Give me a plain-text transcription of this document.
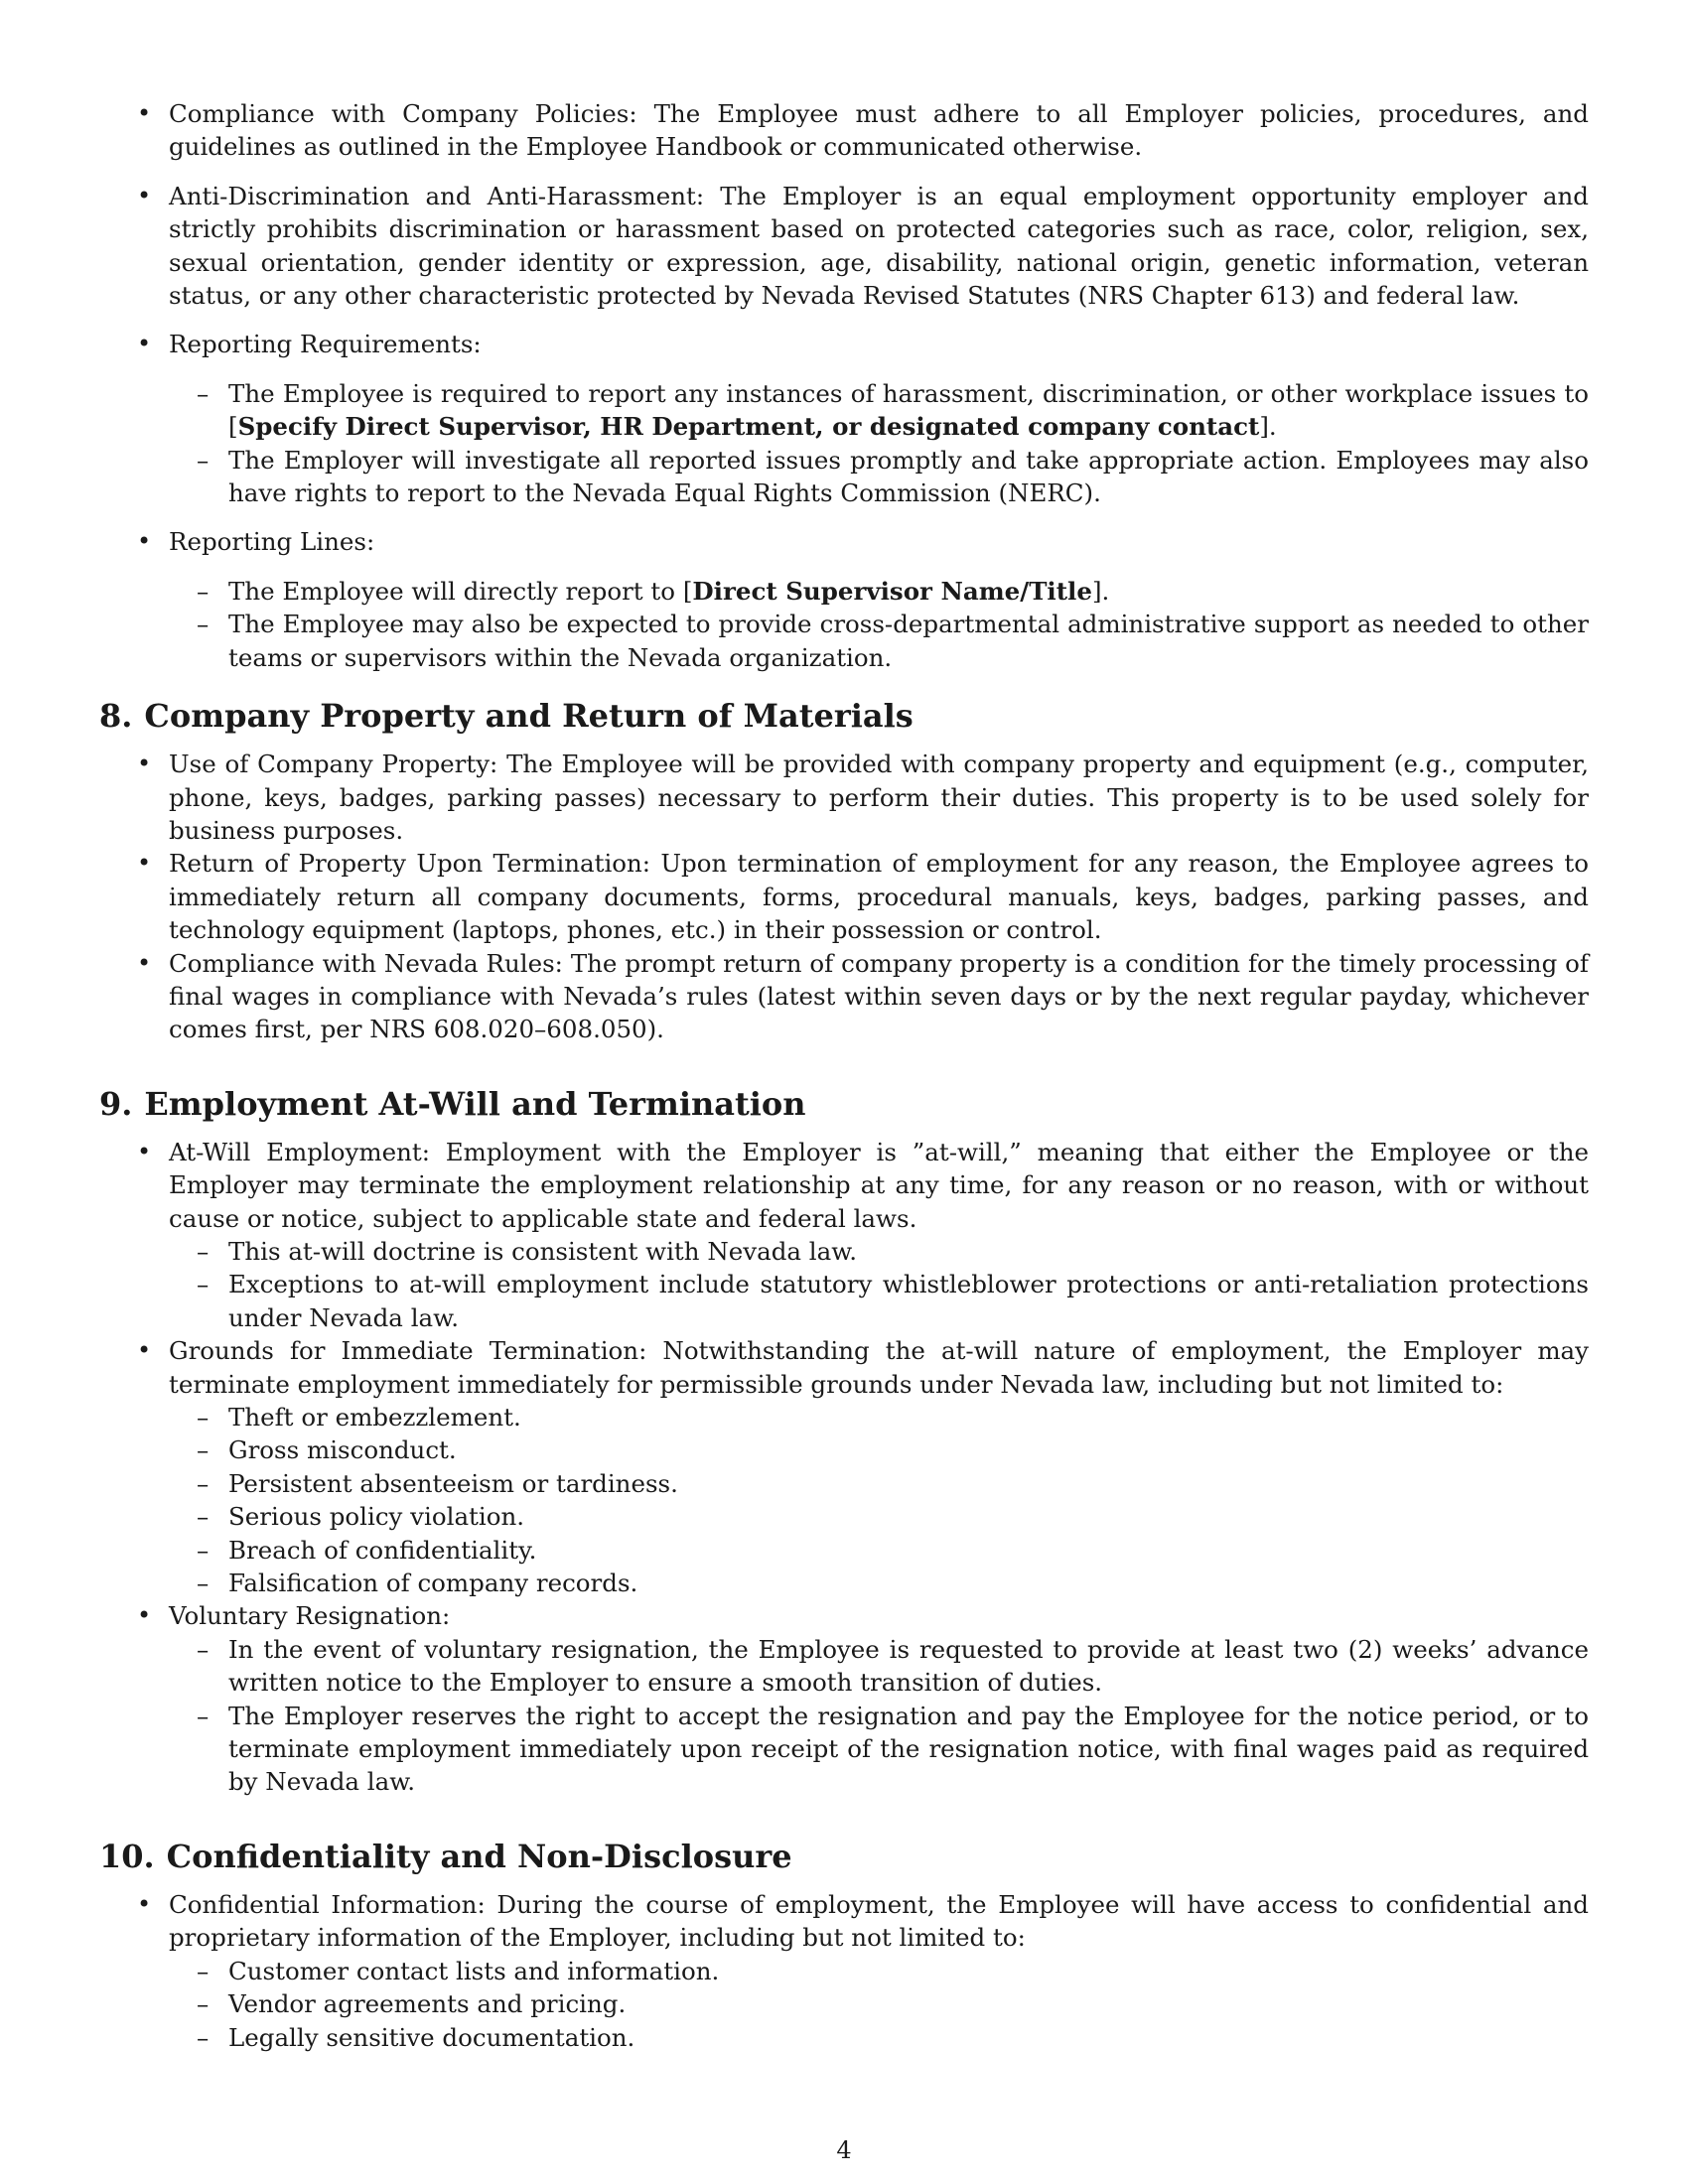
• Compliance with Company Policies: The Employee must adhere to all Employer policies, procedures, and guidelines as outlined in the Employee Handbook or communicated otherwise.
• Anti-Discrimination and Anti-Harassment: The Employer is an equal employment opportunity employer and strictly prohibits discrimination or harassment based on protected categories such as race, color, religion, sex, sexual orientation, gender identity or expression, age, disability, national origin, genetic information, veteran status, or any other characteristic protected by Nevada Revised Statutes (NRS Chapter 613) and federal law.
• Reporting Requirements:
– The Employee is required to report any instances of harassment, discrimination, or other workplace issues to [Specify Direct Supervisor, HR Department, or designated company contact].
– The Employer will investigate all reported issues promptly and take appropriate action. Employees may also have rights to report to the Nevada Equal Rights Commission (NERC).
• Reporting Lines:
– The Employee will directly report to [Direct Supervisor Name/Title].
– The Employee may also be expected to provide cross-departmental administrative support as needed to other teams or supervisors within the Nevada organization.
8. Company Property and Return of Materials
• Use of Company Property: The Employee will be provided with company property and equipment (e.g., computer, phone, keys, badges, parking passes) necessary to perform their duties. This property is to be used solely for business purposes.
• Return of Property Upon Termination: Upon termination of employment for any reason, the Employee agrees to immediately return all company documents, forms, procedural manuals, keys, badges, parking passes, and technology equipment (laptops, phones, etc.) in their possession or control.
• Compliance with Nevada Rules: The prompt return of company property is a condition for the timely processing of final wages in compliance with Nevada’s rules (latest within seven days or by the next regular payday, whichever comes first, per NRS 608.020–608.050).
9. Employment At-Will and Termination
• At-Will Employment: Employment with the Employer is ”at-will,” meaning that either the Employee or the Employer may terminate the employment relationship at any time, for any reason or no reason, with or without cause or notice, subject to applicable state and federal laws.
– This at-will doctrine is consistent with Nevada law.
– Exceptions to at-will employment include statutory whistleblower protections or anti-retaliation protections under Nevada law.
• Grounds for Immediate Termination: Notwithstanding the at-will nature of employment, the Employer may terminate employment immediately for permissible grounds under Nevada law, including but not limited to:
– Theft or embezzlement.
– Gross misconduct.
– Persistent absenteeism or tardiness.
– Serious policy violation.
– Breach of confidentiality.
– Falsification of company records.
• Voluntary Resignation:
– In the event of voluntary resignation, the Employee is requested to provide at least two (2) weeks’ advance written notice to the Employer to ensure a smooth transition of duties.
– The Employer reserves the right to accept the resignation and pay the Employee for the notice period, or to terminate employment immediately upon receipt of the resignation notice, with final wages paid as required by Nevada law.
10. Confidentiality and Non-Disclosure
• Confidential Information: During the course of employment, the Employee will have access to confidential and proprietary information of the Employer, including but not limited to:
– Customer contact lists and information.
– Vendor agreements and pricing.
– Legally sensitive documentation.
4
